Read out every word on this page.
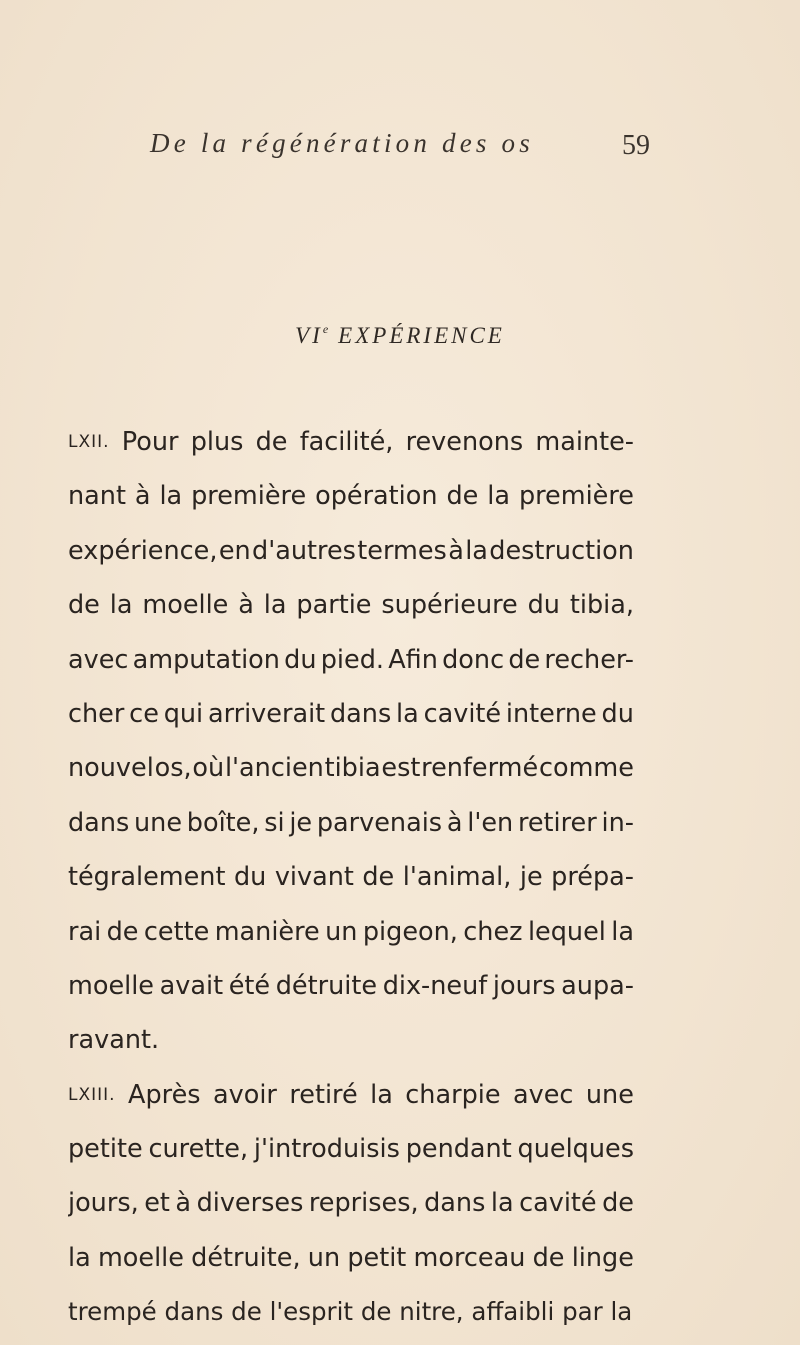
De la régénération des os	59
VIe EXPÉRIENCE
LXII. Pour plus de facilité, revenons mainte-
nant à la première opération de la première
expérience, en d'autres termes à la destruction
de la moelle à la partie supérieure du tibia,
avec amputation du pied. Afin donc de recher-
cher ce qui arriverait dans la cavité interne du
nouvel os, où l'ancien tibia est renfermé comme
dans une boîte, si je parvenais à l'en retirer in-
tégralement du vivant de l'animal, je prépa-
rai de cette manière un pigeon, chez lequel la
moelle avait été détruite dix-neuf jours aupa-
ravant.
LXIII. Après avoir retiré la charpie avec une
petite curette, j'introduisis pendant quelques
jours, et à diverses reprises, dans la cavité de
la moelle détruite, un petit morceau de linge
trempé
dans
de
l'esprit
de
nitre,
affaibli
par
la
